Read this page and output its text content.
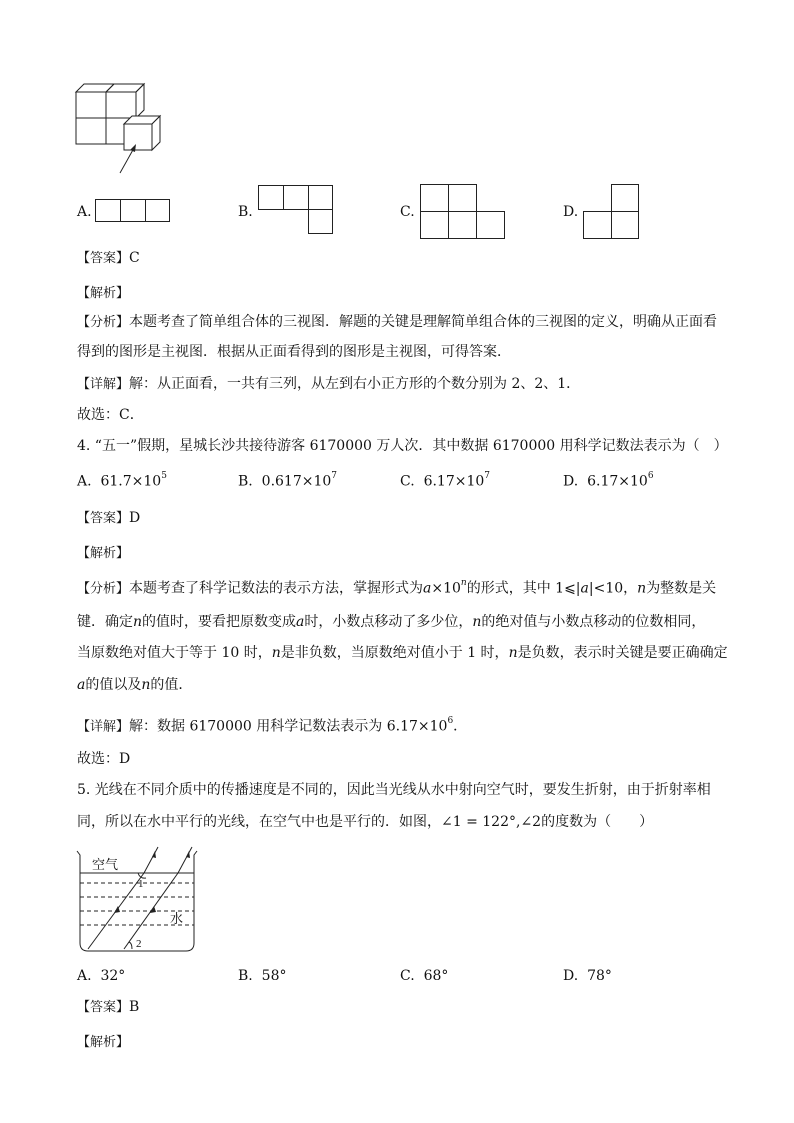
A.	B.	C.	D.
【答案】C
【解析】
【分析】本题考查了简单组合体的三视图．解题的关键是理解简单组合体的三视图的定义，明确从正面看
得到的图形是主视图．根据从正面看得到的图形是主视图，可得答案．
【详解】解：从正面看，一共有三列，从左到右小正方形的个数分别为 2、2、1．
故选：C．
4. “五一”假期，星城长沙共接待游客 6170000 万人次．其中数据 6170000 用科学记数法表示为（　）
A. $61.7\times 10^5$	B. $0.617\times 10^7$	C. $6.17\times 10^7$	D. $6.17\times 10^6$
【答案】D
【解析】
【分析】本题考查了科学记数法的表示方法，掌握形式为$a\times 10^n$的形式，其中 1⩽|a|<10，n为整数是关
键．确定n的值时，要看把原数变成a时，小数点移动了多少位，n的绝对值与小数点移动的位数相同，
当原数绝对值大于等于 10 时，n是非负数，当原数绝对值小于 1 时，n是负数，表示时关键是要正确确定
a的值以及n的值．
【详解】解：数据 6170000 用科学记数法表示为 $6.17\times 10^6$．
故选：D
5. 光线在不同介质中的传播速度是不同的，因此当光线从水中射向空气时，要发生折射，由于折射率相
同，所以在水中平行的光线，在空气中也是平行的．如图，∠1 = 122°,∠2的度数为（　　）
空气
水
1
2
A. 32°	B. 58°	C. 68°	D. 78°
【答案】B
【解析】
